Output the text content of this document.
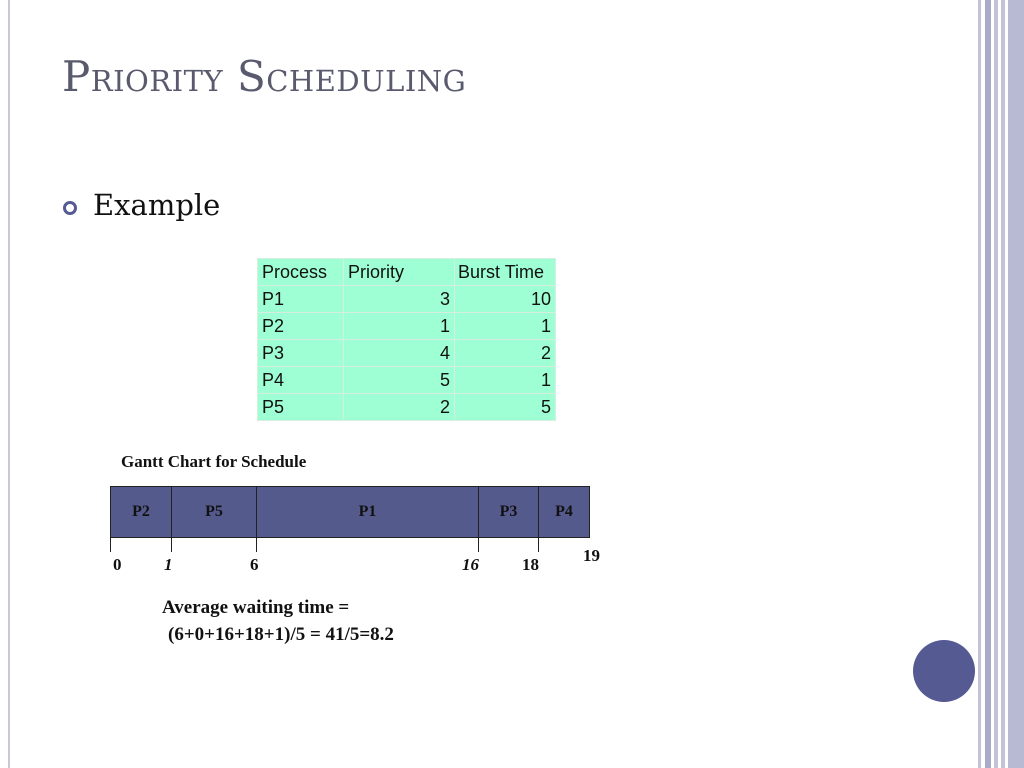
Priority Scheduling
Example
Process	Priority	Burst Time
P1	3	10
P2	1	1
P3	4	2
P4	5	1
P5	2	5
Gantt Chart for Schedule
P2	P5	P1	P3	P4
0	1	6	16	18	19
Average waiting time =
(6+0+16+18+1)/5 = 41/5=8.2
